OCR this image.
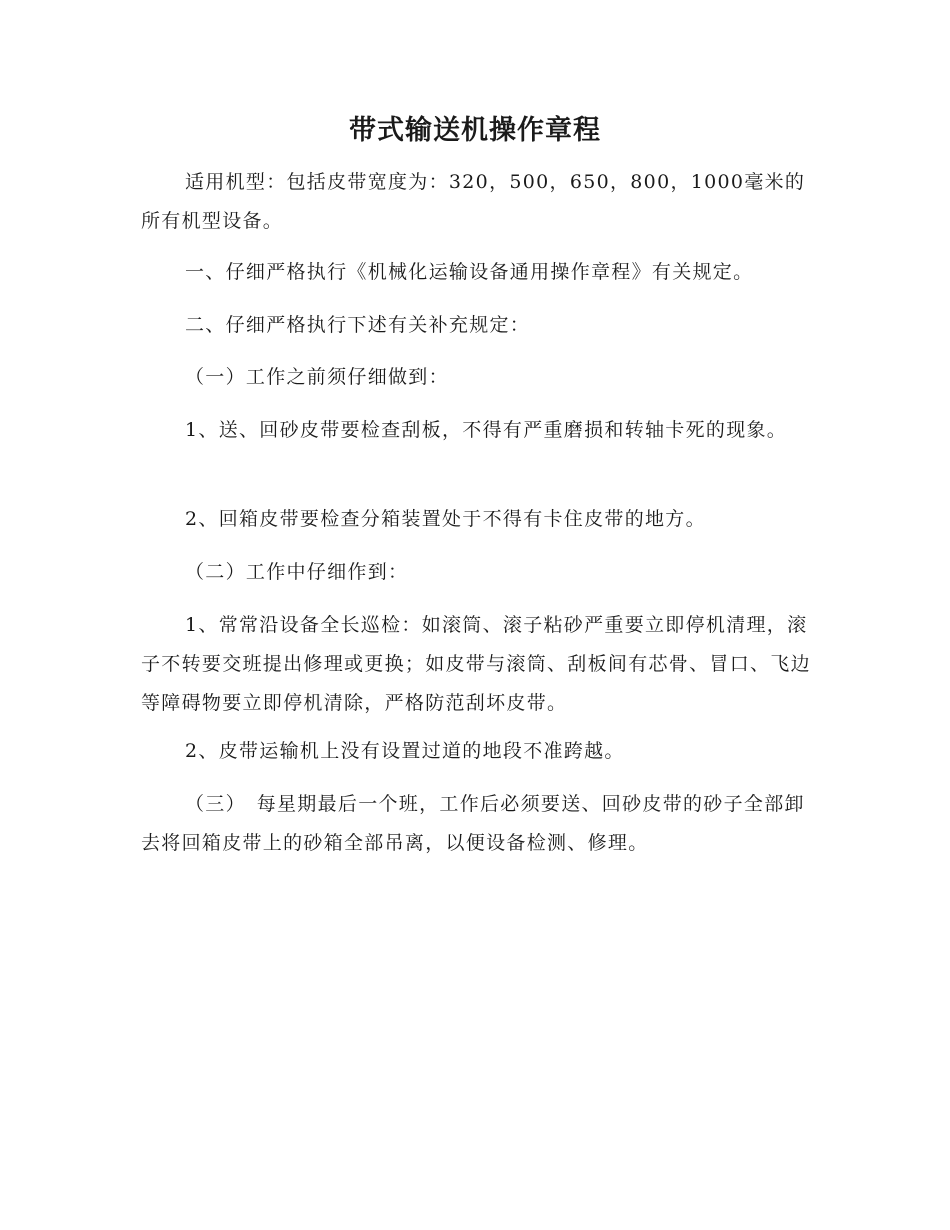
带式输送机操作章程

适用机型：包括皮带宽度为：320，500，650，800，1000毫米的所有机型设备。

一、仔细严格执行《机械化运输设备通用操作章程》有关规定。

二、仔细严格执行下述有关补充规定：

（一）工作之前须仔细做到：

1、送、回砂皮带要检查刮板，不得有严重磨损和转轴卡死的现象。

2、回箱皮带要检查分箱装置处于不得有卡住皮带的地方。

（二）工作中仔细作到：

1、常常沿设备全长巡检：如滚筒、滚子粘砂严重要立即停机清理，滚子不转要交班提出修理或更换；如皮带与滚筒、刮板间有芯骨、冒口、飞边等障碍物要立即停机清除，严格防范刮坏皮带。

2、皮带运输机上没有设置过道的地段不准跨越。

（三）　每星期最后一个班，工作后必须要送、回砂皮带的砂子全部卸去将回箱皮带上的砂箱全部吊离，以便设备检测、修理。
